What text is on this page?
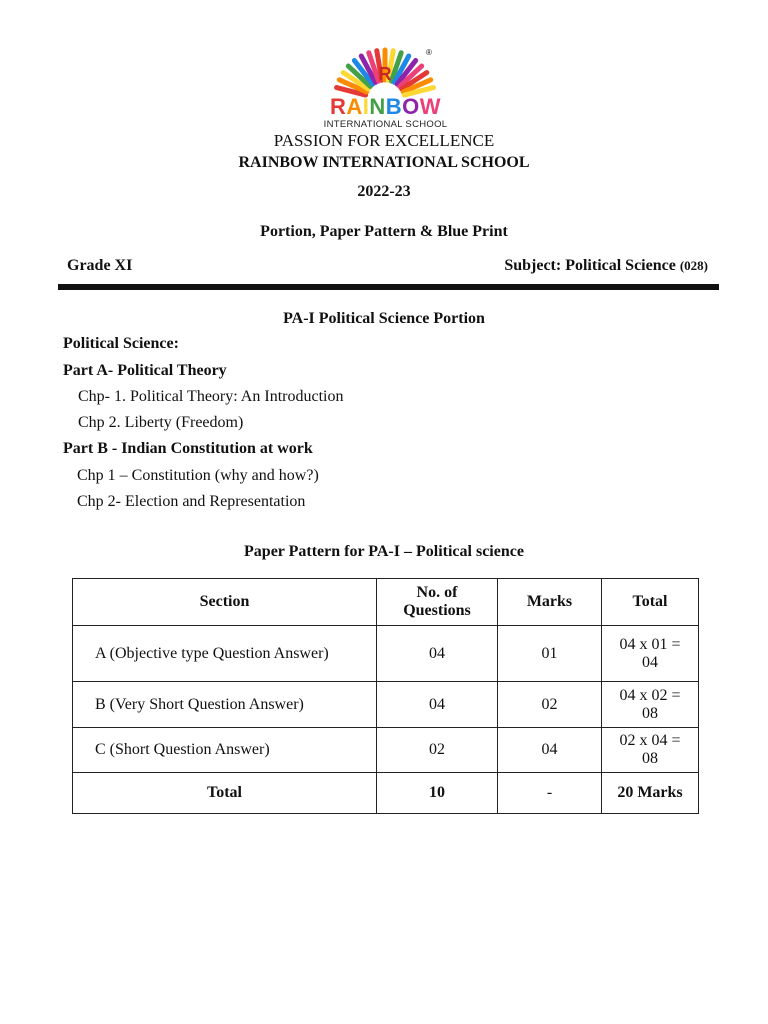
R
®
RAINBOW
INTERNATIONAL SCHOOL
PASSION FOR EXCELLENCE
RAINBOW INTERNATIONAL SCHOOL
2022-23
Portion, Paper Pattern & Blue Print
Grade XI	Subject: Political Science (028)
PA-I Political Science Portion
Political Science:
Part A- Political Theory
Chp- 1. Political Theory: An Introduction
Chp 2. Liberty (Freedom)
Part B - Indian Constitution at work
Chp 1 – Constitution (why and how?)
Chp 2- Election and Representation
Paper Pattern for PA-I – Political science
Section	No. of Questions	Marks	Total
A (Objective type Question Answer)	04	01	04 x 01 = 04
B (Very Short Question Answer)	04	02	04 x 02 = 08
C (Short Question Answer)	02	04	02 x 04 = 08
Total	10	-	20 Marks
